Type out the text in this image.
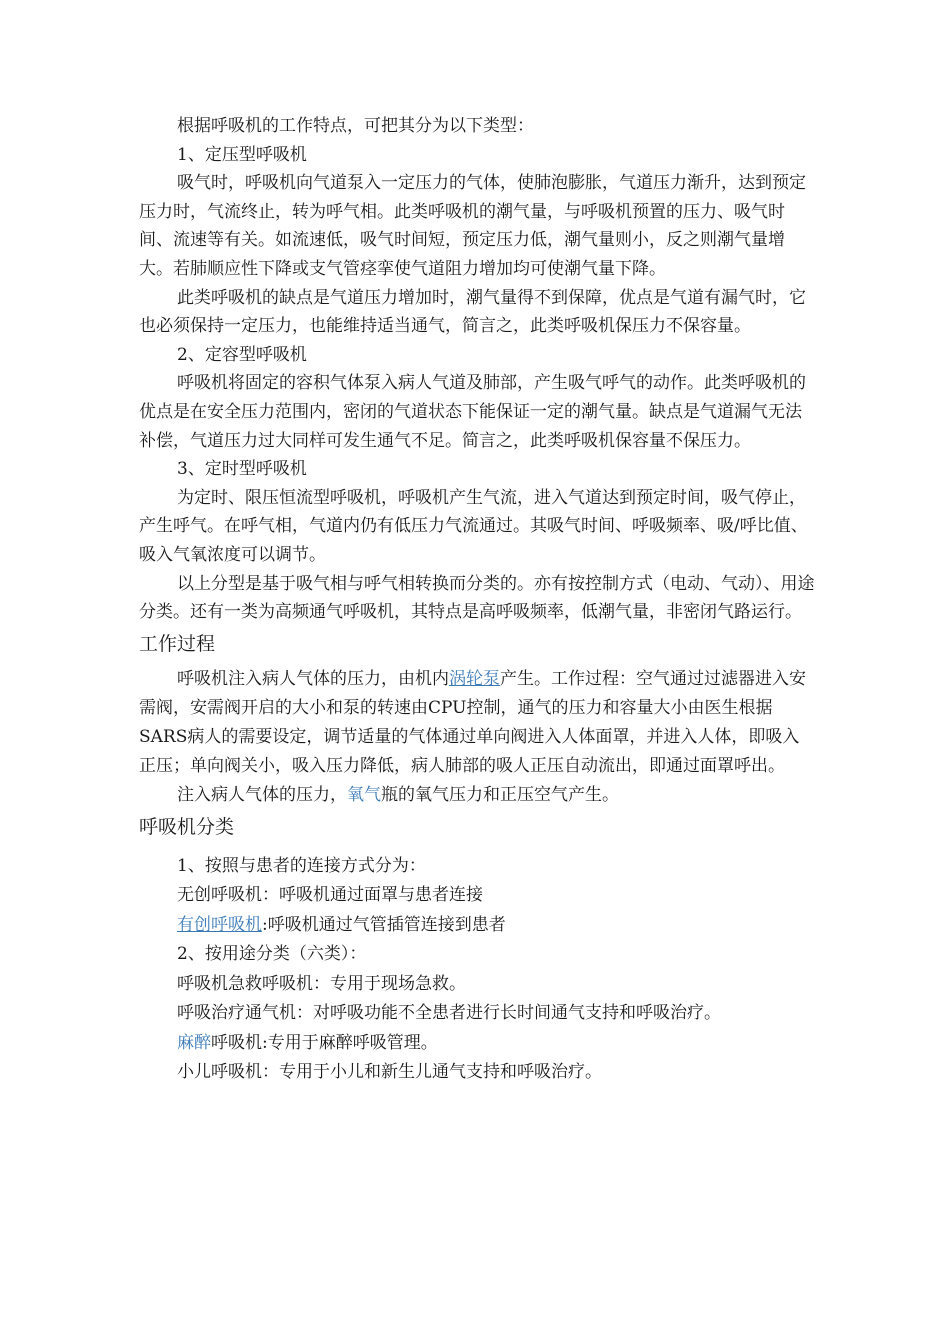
根据呼吸机的工作特点，可把其分为以下类型：

1、定压型呼吸机

吸气时，呼吸机向气道泵入一定压力的气体，使肺泡膨胀，气道压力渐升，达到预定压力时，气流终止，转为呼气相。此类呼吸机的潮气量，与呼吸机预置的压力、吸气时间、流速等有关。如流速低，吸气时间短，预定压力低，潮气量则小，反之则潮气量增大。若肺顺应性下降或支气管痉挛使气道阻力增加均可使潮气量下降。

此类呼吸机的缺点是气道压力增加时，潮气量得不到保障，优点是气道有漏气时，它也必须保持一定压力，也能维持适当通气，简言之，此类呼吸机保压力不保容量。

2、定容型呼吸机

呼吸机将固定的容积气体泵入病人气道及肺部，产生吸气呼气的动作。此类呼吸机的优点是在安全压力范围内，密闭的气道状态下能保证一定的潮气量。缺点是气道漏气无法补偿，气道压力过大同样可发生通气不足。简言之，此类呼吸机保容量不保压力。

3、定时型呼吸机

为定时、限压恒流型呼吸机，呼吸机产生气流，进入气道达到预定时间，吸气停止，产生呼气。在呼气相，气道内仍有低压力气流通过。其吸气时间、呼吸频率、吸/呼比值、吸入气氧浓度可以调节。

以上分型是基于吸气相与呼气相转换而分类的。亦有按控制方式（电动、气动）、用途分类。还有一类为高频通气呼吸机，其特点是高呼吸频率，低潮气量，非密闭气路运行。

工作过程

呼吸机注入病人气体的压力，由机内涡轮泵产生。工作过程：空气通过过滤器进入安需阀，安需阀开启的大小和泵的转速由CPU控制，通气的压力和容量大小由医生根据SARS病人的需要设定，调节适量的气体通过单向阀进入人体面罩，并进入人体，即吸入正压；单向阀关小，吸入压力降低，病人肺部的吸人正压自动流出，即通过面罩呼出。

注入病人气体的压力，氧气瓶的氧气压力和正压空气产生。

呼吸机分类

1、按照与患者的连接方式分为：

无创呼吸机：呼吸机通过面罩与患者连接

有创呼吸机:呼吸机通过气管插管连接到患者

2、按用途分类（六类）：

呼吸机急救呼吸机：专用于现场急救。

呼吸治疗通气机：对呼吸功能不全患者进行长时间通气支持和呼吸治疗。

麻醉呼吸机:专用于麻醉呼吸管理。

小儿呼吸机：专用于小儿和新生儿通气支持和呼吸治疗。
